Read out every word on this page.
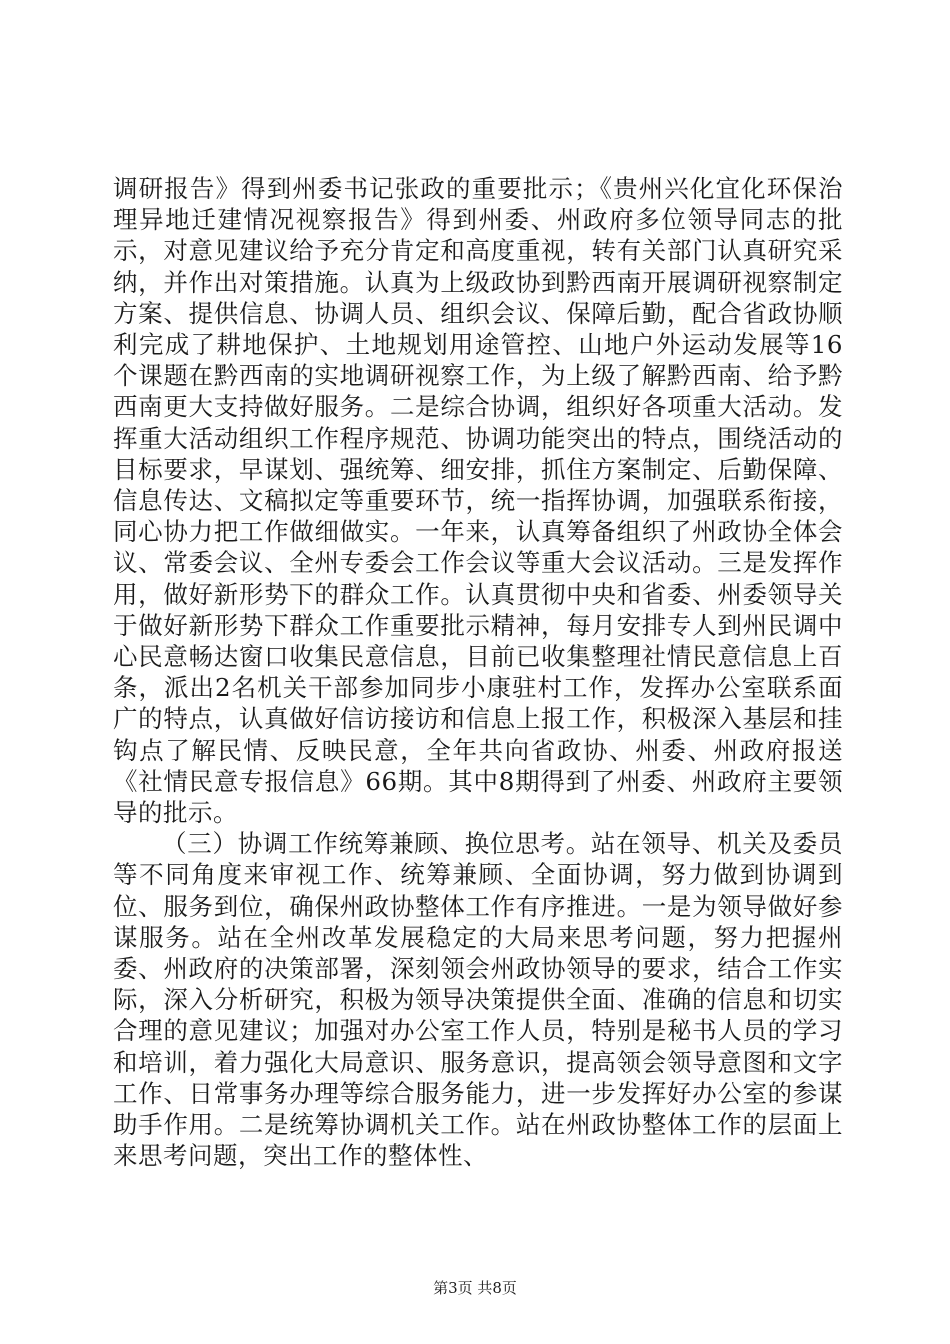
调研报告》得到州委书记张政的重要批示；《贵州兴化宜化环保治理异地迁建情况视察报告》得到州委、州政府多位领导同志的批示，对意见建议给予充分肯定和高度重视，转有关部门认真研究采纳，并作出对策措施。认真为上级政协到黔西南开展调研视察制定方案、提供信息、协调人员、组织会议、保障后勤，配合省政协顺利完成了耕地保护、土地规划用途管控、山地户外运动发展等16个课题在黔西南的实地调研视察工作，为上级了解黔西南、给予黔西南更大支持做好服务。二是综合协调，组织好各项重大活动。发挥重大活动组织工作程序规范、协调功能突出的特点，围绕活动的目标要求，早谋划、强统筹、细安排，抓住方案制定、后勤保障、信息传达、文稿拟定等重要环节，统一指挥协调，加强联系衔接，同心协力把工作做细做实。一年来，认真筹备组织了州政协全体会议、常委会议、全州专委会工作会议等重大会议活动。三是发挥作用，做好新形势下的群众工作。认真贯彻中央和省委、州委领导关于做好新形势下群众工作重要批示精神，每月安排专人到州民调中心民意畅达窗口收集民意信息，目前已收集整理社情民意信息上百条，派出2名机关干部参加同步小康驻村工作，发挥办公室联系面广的特点，认真做好信访接访和信息上报工作，积极深入基层和挂钩点了解民情、反映民意，全年共向省政协、州委、州政府报送《社情民意专报信息》66期。其中8期得到了州委、州政府主要领导的批示。

（三）协调工作统筹兼顾、换位思考。站在领导、机关及委员等不同角度来审视工作、统筹兼顾、全面协调，努力做到协调到位、服务到位，确保州政协整体工作有序推进。一是为领导做好参谋服务。站在全州改革发展稳定的大局来思考问题，努力把握州委、州政府的决策部署，深刻领会州政协领导的要求，结合工作实际，深入分析研究，积极为领导决策提供全面、准确的信息和切实合理的意见建议；加强对办公室工作人员，特别是秘书人员的学习和培训，着力强化大局意识、服务意识，提高领会领导意图和文字工作、日常事务办理等综合服务能力，进一步发挥好办公室的参谋助手作用。二是统筹协调机关工作。站在州政协整体工作的层面上来思考问题，突出工作的整体性、

第3页 共8页
